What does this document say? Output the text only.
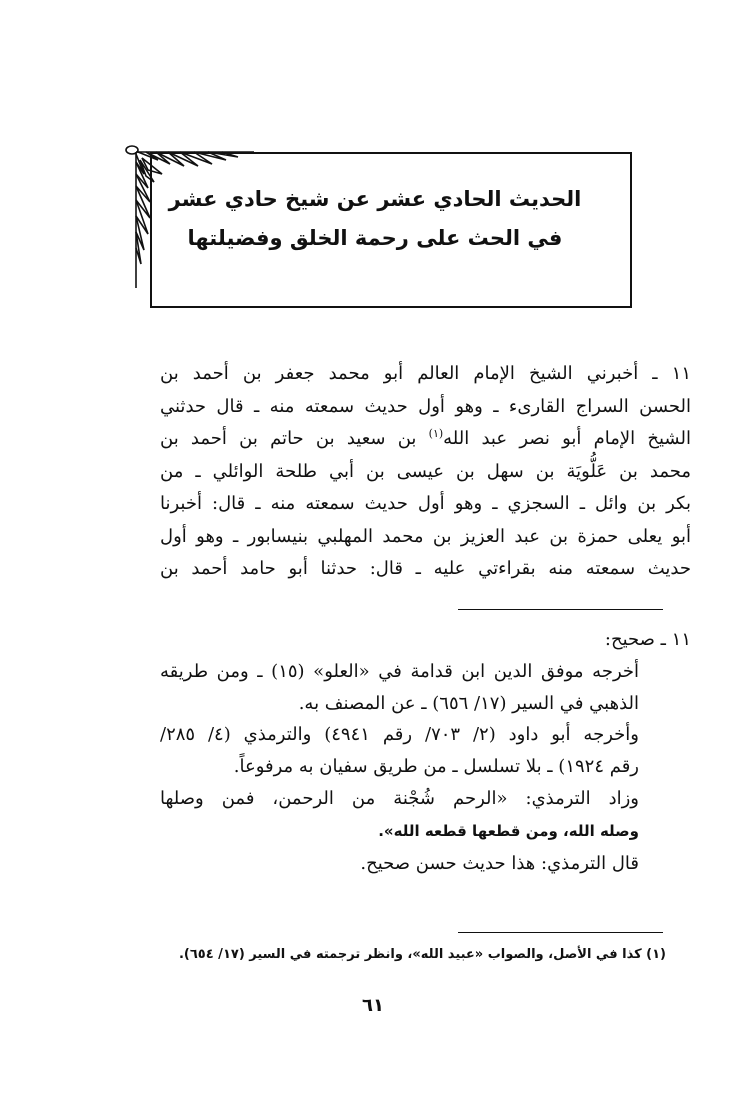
الحديث الحادي عشر عن شيخ حادي عشر
في الحث على رحمة الخلق وفضيلتها
١١ ـ أخبرني الشيخ الإمام العالم أبو محمد جعفر بن أحمد بن
الحسن السراج القارىء ـ وهو أول حديث سمعته منه ـ قال حدثني
الشيخ الإمام أبو نصر عبد الله$^{(١)}$ بن سعيد بن حاتم بن أحمد بن
محمد بن عَلُّويَة بن سهل بن عيسى بن أبي طلحة الوائلي ـ من
بكر بن وائل ـ السجزي ـ وهو أول حديث سمعته منه ـ قال: أخبرنا
أبو يعلى حمزة بن عبد العزيز بن محمد المهلبي بنيسابور ـ وهو أول
حديث سمعته منه بقراءتي عليه ـ قال: حدثنا أبو حامد أحمد بن
١١ ـ صحيح:
أخرجه موفق الدين ابن قدامة في «العلو» (١٥) ـ ومن طريقه
الذهبي في السير (١٧/ ٦٥٦) ـ عن المصنف به.
وأخرجه أبو داود (٢/ ٧٠٣/ رقم ٤٩٤١) والترمذي (٤/ ٢٨٥/
رقم ١٩٢٤) ـ بلا تسلسل ـ من طريق سفيان به مرفوعاً.
وزاد الترمذي: «الرحم شُجْنة من الرحمن، فمن وصلها
وصله الله، ومن قطعها قطعه الله».
قال الترمذي: هذا حديث حسن صحيح.
(١) كذا في الأصل، والصواب «عبيد الله»، وانظر ترجمته في السير (١٧/ ٦٥٤).
٦١
